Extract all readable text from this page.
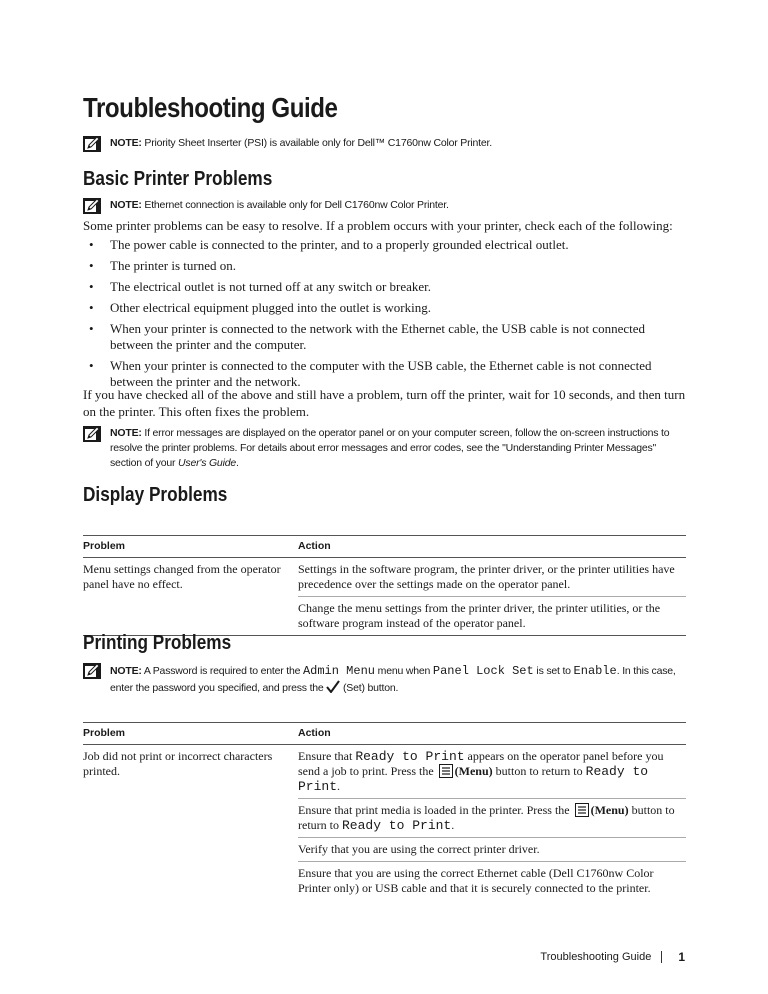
Troubleshooting Guide
NOTE: Priority Sheet Inserter (PSI) is available only for Dell™ C1760nw Color Printer.
Basic Printer Problems
NOTE: Ethernet connection is available only for Dell C1760nw Color Printer.

Some printer problems can be easy to resolve. If a problem occurs with your printer, check each of the following:

• The power cable is connected to the printer, and to a properly grounded electrical outlet.
• The printer is turned on.
• The electrical outlet is not turned off at any switch or breaker.
• Other electrical equipment plugged into the outlet is working.
• When your printer is connected to the network with the Ethernet cable, the USB cable is not connected between the printer and the computer.
• When your printer is connected to the computer with the USB cable, the Ethernet cable is not connected between the printer and the network.

If you have checked all of the above and still have a problem, turn off the printer, wait for 10 seconds, and then turn on the printer. This often fixes the problem.

NOTE: If error messages are displayed on the operator panel or on your computer screen, follow the on-screen instructions to resolve the printer problems. For details about error messages and error codes, see the "Understanding Printer Messages" section of your User's Guide.
Display Problems
Problem	Action
Menu settings changed from the operator panel have no effect.	Settings in the software program, the printer driver, or the printer utilities have precedence over the settings made on the operator panel.
	Change the menu settings from the printer driver, the printer utilities, or the software program instead of the operator panel.
Printing Problems
NOTE: A Password is required to enter the Admin Menu menu when Panel Lock Set is set to Enable. In this case, enter the password you specified, and press the  (Set) button.
Problem	Action
Job did not print or incorrect characters printed.	Ensure that Ready to Print appears on the operator panel before you send a job to print. Press the (Menu) button to return to Ready to Print.
	Ensure that print media is loaded in the printer. Press the (Menu) button to return to Ready to Print.
	Verify that you are using the correct printer driver.
	Ensure that you are using the correct Ethernet cable (Dell C1760nw Color Printer only) or USB cable and that it is securely connected to the printer.
Troubleshooting Guide 1
